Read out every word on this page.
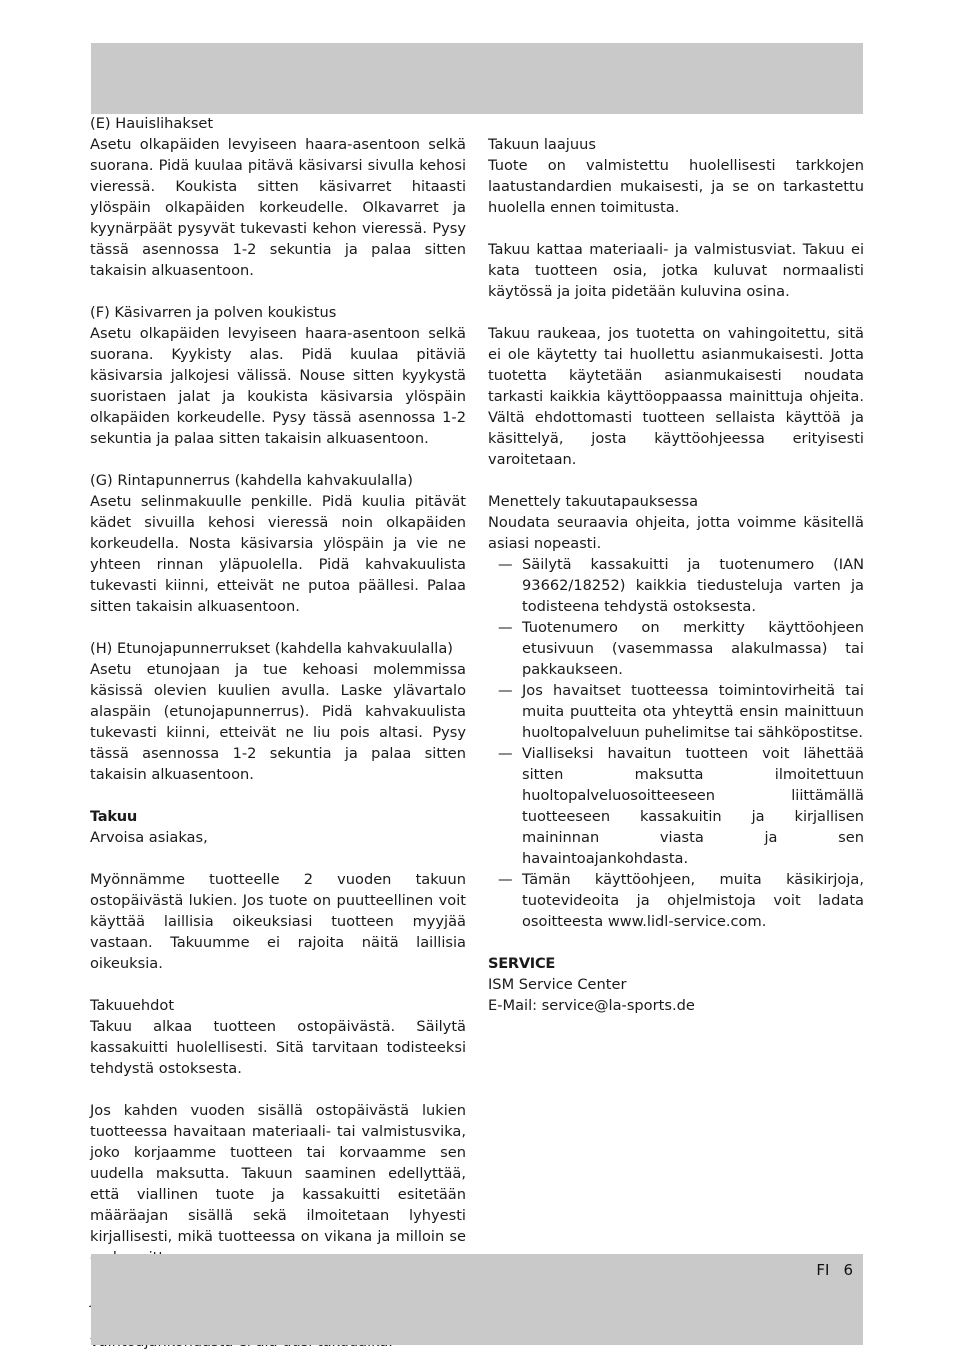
(E) Hauislihakset

Asetu olkapäiden levyiseen haara-asentoon selkä suorana. Pidä kuulaa pitävä käsivarsi sivulla kehosi vieressä. Koukista sitten käsivarret hitaasti ylöspäin olkapäiden korkeudelle. Olkavarret ja kyynärpäät pysyvät tukevasti kehon vieressä. Pysy tässä asennossa 1-2 sekuntia ja palaa sitten takaisin alkuasentoon.

(F) Käsivarren ja polven koukistus

Asetu olkapäiden levyiseen haara-asentoon selkä suorana. Kyykisty alas. Pidä kuulaa pitäviä käsivarsia jalkojesi välissä. Nouse sitten kyykystä suoristaen jalat ja koukista käsivarsia ylöspäin olkapäiden korkeudelle. Pysy tässä asennossa 1-2 sekuntia ja palaa sitten takaisin alkuasentoon.

(G) Rintapunnerrus (kahdella kahvakuulalla)

Asetu selinmakuulle penkille. Pidä kuulia pitävät kädet sivuilla kehosi vieressä noin olkapäiden korkeudella. Nosta käsivarsia ylöspäin ja vie ne yhteen rinnan yläpuolella. Pidä kahvakuulista tukevasti kiinni, etteivät ne putoa päällesi. Palaa sitten takaisin alkuasentoon.

(H) Etunojapunnerrukset (kahdella kahvakuulalla)

Asetu etunojaan ja tue kehoasi molemmissa käsissä olevien kuulien avulla. Laske ylävartalo alaspäin (etunojapunnerrus). Pidä kahvakuulista tukevasti kiinni, etteivät ne liu pois altasi. Pysy tässä asennossa 1-2 sekuntia ja palaa sitten takaisin alkuasentoon.

Takuu

Arvoisa asiakas,

Myönnämme tuotteelle 2 vuoden takuun ostopäivästä lukien. Jos tuote on puutteellinen voit käyttää laillisia oikeuksiasi tuotteen myyjää vastaan. Takuumme ei rajoita näitä laillisia oikeuksia.

Takuuehdot

Takuu alkaa tuotteen ostopäivästä. Säilytä kassakuitti huolellisesti. Sitä tarvitaan todisteeksi tehdystä ostoksesta.

Jos kahden vuoden sisällä ostopäivästä lukien tuotteessa havaitaan materiaali- tai valmistusvika, joko korjaamme tuotteen tai korvaamme sen uudella maksutta. Takuun saaminen edellyttää, että viallinen tuote ja kassakuitti esitetään määräajan sisällä sekä ilmoitetaan lyhyesti kirjallisesti, mikä tuotteessa on vikana ja milloin se

Takuun laajuus

Tuote on valmistettu huolellisesti tarkkojen laatustandardien mukaisesti, ja se on tarkastettu huolella ennen toimitusta.

Takuu kattaa materiaali- ja valmistusviat. Takuu ei kata tuotteen osia, jotka kuluvat normaalisti käytössä ja joita pidetään kuluvina osina.

Takuu raukeaa, jos tuotetta on vahingoitettu, sitä ei ole käytetty tai huollettu asianmukaisesti. Jotta tuotetta käytetään asianmukaisesti noudata tarkasti kaikkia käyttöoppaassa mainittuja ohjeita. Vältä ehdottomasti tuotteen sellaista käyttöä ja käsittelyä, josta käyttöohjeessa erityisesti varoitetaan.

Menettely takuutapauksessa

Noudata seuraavia ohjeita, jotta voimme käsitellä asiasi nopeasti.

— Säilytä kassakuitti ja tuotenumero (IAN 93662/18252) kaikkia tiedusteluja varten ja todisteena tehdystä ostoksesta.
— Tuotenumero on merkitty käyttöohjeen etusivuun (vasemmassa alakulmassa) tai pakkaukseen.
— Jos havaitset tuotteessa toimintovirheitä tai muita puutteita ota yhteyttä ensin mainittuun huoltopalveluun puhelimitse tai sähköpostitse.
— Vialliseksi havaitun tuotteen voit lähettää sitten maksutta ilmoitettuun huoltopalveluosoitteeseen liittämällä tuotteeseen kassakuitin ja kirjallisen maininnan viasta ja sen havaintoajankohdasta.
— Tämän käyttöohjeen, muita käsikirjoja, tuotevideoita ja ohjelmistoja voit ladata osoitteesta www.lidl-service.com.
SERVICE

ISM Service Center

E-Mail: service@la-sports.de

FI 6
